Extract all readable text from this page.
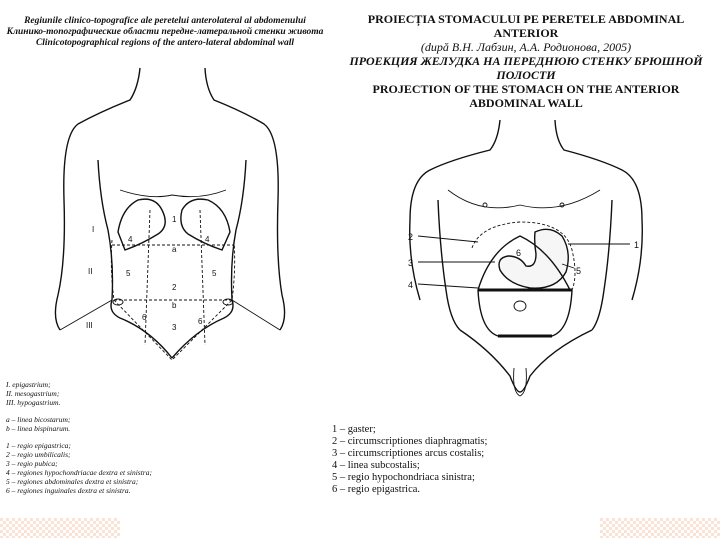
Regiunile clinico-topografice ale peretelui anterolateral al abdomenului
Клинико-топографические области передне-латеральной стенки живота
Clinicotopographical regions of the antero-lateral abdominal wall
I
II
III
1
4	4
5	5
2
6	6
3
a
b
I. epigastrium;
II. mesogastrium;
III. hypogastrium.
a – linea bicostarum;
b – linea bispinarum.
1 – regio epigastrica;
2 – regio umbilicalis;
3 – regio pubica;
4 – regiones hypochondriacae dextra et sinistra;
5 – regiones abdominales dextra et sinistra;
6 – regiones inguinales dextra et sinistra.
PROIECȚIA STOMACULUI PE PERETELE ABDOMINAL ANTERIOR
(după В.Н. Лабзин, А.А. Родионова, 2005)
ПРОЕКЦИЯ ЖЕЛУДКА НА ПЕРЕДНЮЮ СТЕНКУ БРЮШНОЙ ПОЛОСТИ
PROJECTION OF THE STOMACH ON THE ANTERIOR ABDOMINAL WALL
6
2
3
4
1
5
1 – gaster;
2 – circumscriptiones diaphragmatis;
3 – circumscriptiones arcus costalis;
4 – linea subcostalis;
5 – regio hypochondriaca sinistra;
6 – regio epigastrica.
